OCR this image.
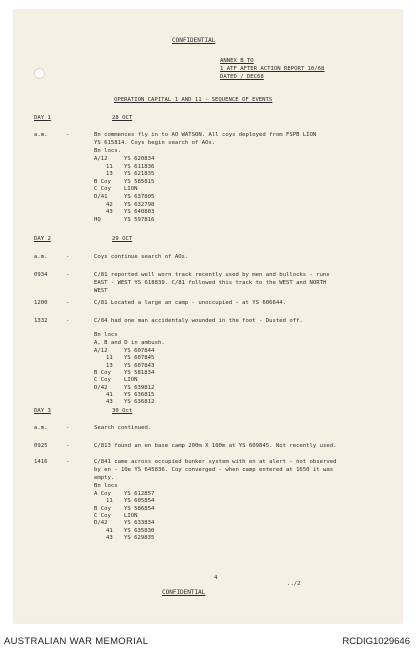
CONFIDENTIAL
ANNEX B TO
1 ATF AFTER ACTION REPORT 10/68
DATED / DEC68
OPERATION CAPITAL 1 AND 11 - SEQUENCE OF EVENTS
DAY 1	28 OCT
a.m.	-	Bn commences fly in to AO WATSON. All coys deployed from FSPB LION
YS 615814. Coys begin search of AOs.
Bn locs.
A/12	YS 620834
11 YS 611836
13 YS 621835
B Coy YS 585815
C Coy LION
D/41	YS 637805
42 YS 632798
43 YS 640803
HQ	YS 597816
DAY 2	29 OCT
a.m.	-	Coys continue search of AOs.
0934	-	C/81 reported well worn track recently used by men and bullocks - runs
EAST - WEST YS 618839. C/81 followed this track to the WEST and NORTH
WEST
1200	-	C/81 Located a large an camp - unoccupied - at YS 606644.
1332	-	C/84 had one man accidentaly wounded in the foot - Dusted off.
Bn locs
A, B and D in ambush.
A/12	YS 607844
11 YS 607845
13 YS 607843
B Coy YS 581834
C Coy LION
D/42	YS 639812
41 YS 636815
43 YS 636812
DAY 3	30 Oct
a.m.	-	Search continued.
0925	-	C/813 found an en base camp 200m X 100m at YS 609845. Not recently used.
1416	-	C/841 came across occupied bunker system with en at alert - not observed
by en - 10e YS 645836. Coy converged - when camp entered at 1650 it was
empty.
Bn locs
A Coy YS 612857
11 YS 605854
B Coy YS 586854
C Coy LION
D/42	YS 633834
41 YS 635830
43 YS 629835
4
../2
CONFIDENTIAL
AUSTRALIAN WAR MEMORIAL	RCDIG1029646
